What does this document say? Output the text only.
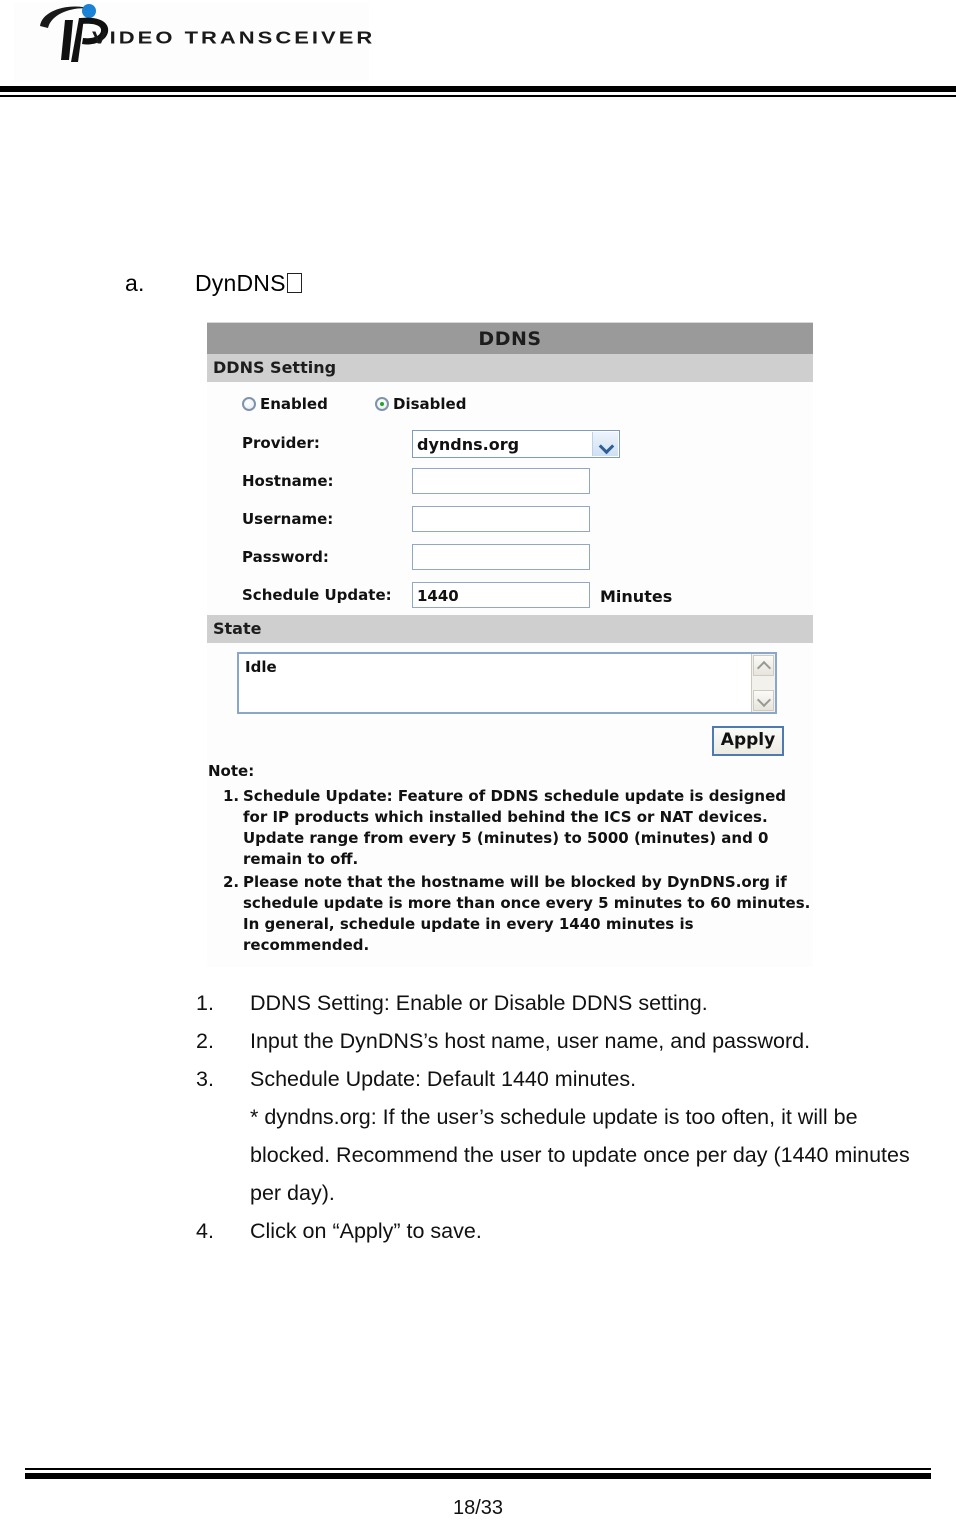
VIDEO TRANSCEIVER
a. DynDNS
DDNS
DDNS Setting
Enabled	Disabled
Provider:	dyndns.org
Hostname:
Username:
Password:
Schedule Update:	1440	Minutes
State
Idle
Apply
Note:
1. Schedule Update: Feature of DDNS schedule update is designed for IP products which installed behind the ICS or NAT devices. Update range from every 5 (minutes) to 5000 (minutes) and 0 remain to off.
2. Please note that the hostname will be blocked by DynDNS.org if schedule update is more than once every 5 minutes to 60 minutes. In general, schedule update in every 1440 minutes is recommended.
1.	DDNS Setting: Enable or Disable DDNS setting.
2.	Input the DynDNS’s host name, user name, and password.
3.	Schedule Update: Default 1440 minutes.
* dyndns.org: If the user’s schedule update is too often, it will be blocked. Recommend the user to update once per day (1440 minutes per day).
4.	Click on “Apply” to save.
18/33
